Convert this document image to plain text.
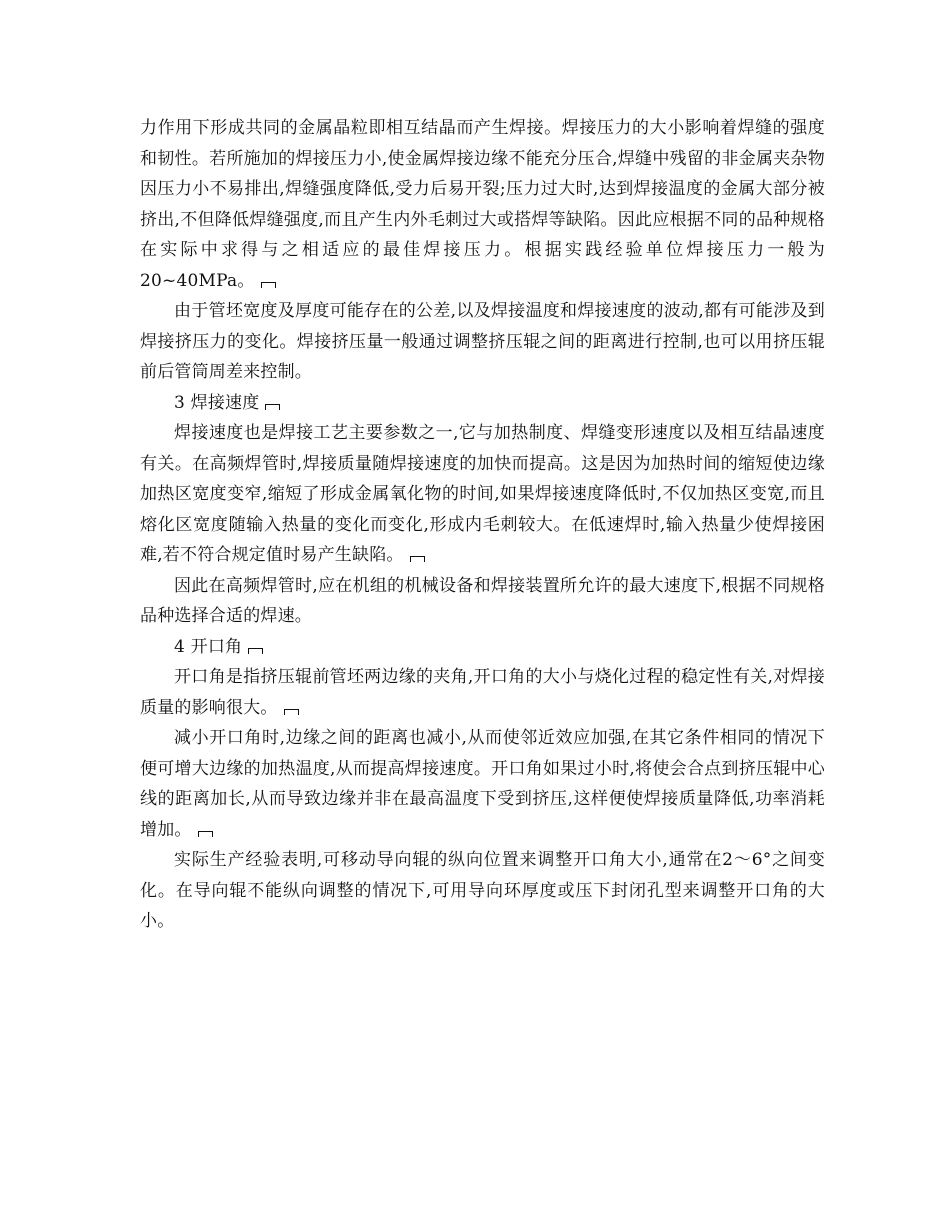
力作用下形成共同的金属晶粒即相互结晶而产生焊接。焊接压力的大小影响着焊缝的强度和韧性。若所施加的焊接压力小,使金属焊接边缘不能充分压合,焊缝中残留的非金属夹杂物因压力小不易排出,焊缝强度降低,受力后易开裂;压力过大时,达到焊接温度的金属大部分被挤出,不但降低焊缝强度,而且产生内外毛刺过大或搭焊等缺陷。因此应根据不同的品种规格在实际中求得与之相适应的最佳焊接压力。根据实践经验单位焊接压力一般为20~40MPa。

由于管坯宽度及厚度可能存在的公差,以及焊接温度和焊接速度的波动,都有可能涉及到焊接挤压力的变化。焊接挤压量一般通过调整挤压辊之间的距离进行控制,也可以用挤压辊前后管筒周差来控制。

3 焊接速度

焊接速度也是焊接工艺主要参数之一,它与加热制度、焊缝变形速度以及相互结晶速度有关。在高频焊管时,焊接质量随焊接速度的加快而提高。这是因为加热时间的缩短使边缘加热区宽度变窄,缩短了形成金属氧化物的时间,如果焊接速度降低时,不仅加热区变宽,而且熔化区宽度随输入热量的变化而变化,形成内毛刺较大。在低速焊时,输入热量少使焊接困难,若不符合规定值时易产生缺陷。

因此在高频焊管时,应在机组的机械设备和焊接装置所允许的最大速度下,根据不同规格品种选择合适的焊速。

4 开口角

开口角是指挤压辊前管坯两边缘的夹角,开口角的大小与烧化过程的稳定性有关,对焊接质量的影响很大。

减小开口角时,边缘之间的距离也减小,从而使邻近效应加强,在其它条件相同的情况下便可增大边缘的加热温度,从而提高焊接速度。开口角如果过小时,将使会合点到挤压辊中心线的距离加长,从而导致边缘并非在最高温度下受到挤压,这样便使焊接质量降低,功率消耗增加。

实际生产经验表明,可移动导向辊的纵向位置来调整开口角大小,通常在2～6°之间变化。在导向辊不能纵向调整的情况下,可用导向环厚度或压下封闭孔型来调整开口角的大小。
